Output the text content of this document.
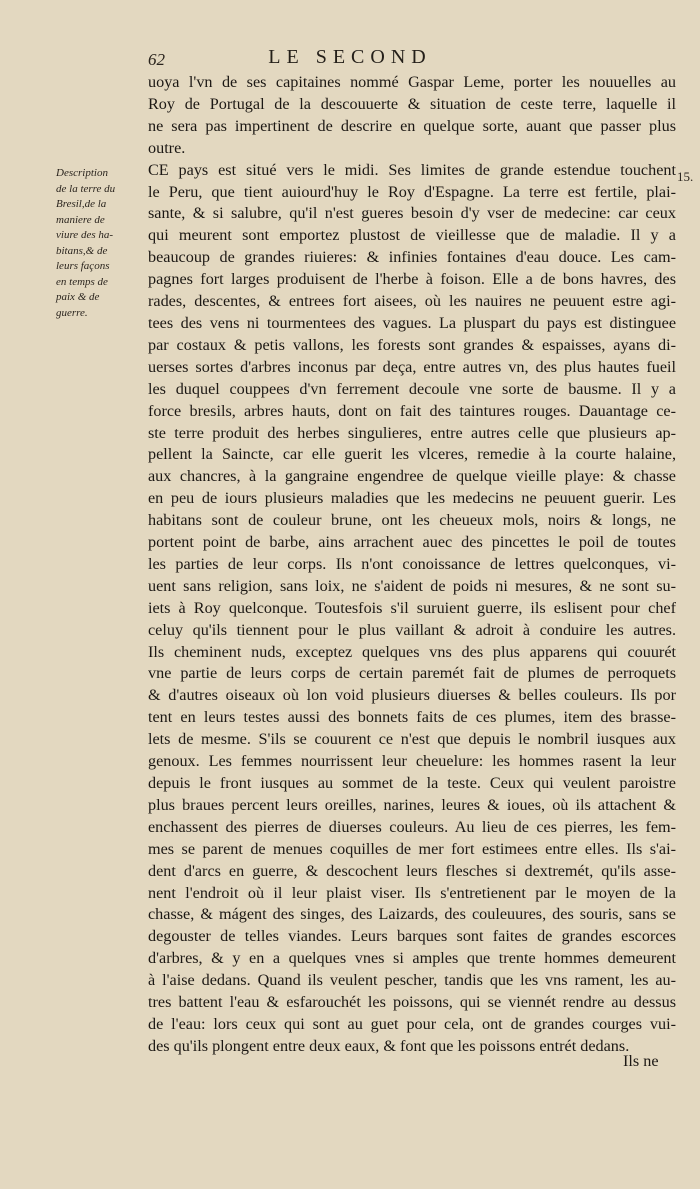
62	LE SECOND
Description
de la terre du
Bresil,de la
maniere de
viure des ha-
bitans,& de
leurs façons
en temps de
paix & de
guerre.
15.
uoya l'vn de ses capitaines nommé Gaspar Leme, porter les nouuelles au
Roy de Portugal de la descouuerte & situation de ceste terre, laquelle il
ne sera pas impertinent de descrire en quelque sorte, auant que passer plus
outre.
CE pays est situé vers le midi. Ses limites de grande estendue touchent
le Peru, que tient auiourd'huy le Roy d'Espagne. La terre est fertile, plai-
sante, & si salubre, qu'il n'est gueres besoin d'y vser de medecine: car ceux
qui meurent sont emportez plustost de vieillesse que de maladie. Il y a
beaucoup de grandes riuieres: & infinies fontaines d'eau douce. Les cam-
pagnes fort larges produisent de l'herbe à foison. Elle a de bons havres, des
rades, descentes, & entrees fort aisees, où les nauires ne peuuent estre agi-
tees des vens ni tourmentees des vagues. La pluspart du pays est distinguee
par costaux & petis vallons, les forests sont grandes & espaisses, ayans di-
uerses sortes d'arbres inconus par deça, entre autres vn, des plus hautes fueil
les duquel couppees d'vn ferrement decoule vne sorte de bausme. Il y a
force bresils, arbres hauts, dont on fait des taintures rouges. Dauantage ce-
ste terre produit des herbes singulieres, entre autres celle que plusieurs ap-
pellent la Saincte, car elle guerit les vlceres, remedie à la courte halaine,
aux chancres, à la gangraine engendree de quelque vieille playe: & chasse
en peu de iours plusieurs maladies que les medecins ne peuuent guerir. Les
habitans sont de couleur brune, ont les cheueux mols, noirs & longs, ne
portent point de barbe, ains arrachent auec des pincettes le poil de toutes
les parties de leur corps. Ils n'ont conoissance de lettres quelconques, vi-
uent sans religion, sans loix, ne s'aident de poids ni mesures, & ne sont su-
iets à Roy quelconque. Toutesfois s'il suruient guerre, ils eslisent pour chef
celuy qu'ils tiennent pour le plus vaillant & adroit à conduire les autres.
Ils cheminent nuds, exceptez quelques vns des plus apparens qui couurét
vne partie de leurs corps de certain paremét fait de plumes de perroquets
& d'autres oiseaux où lon void plusieurs diuerses & belles couleurs. Ils por
tent en leurs testes aussi des bonnets faits de ces plumes, item des brasse-
lets de mesme. S'ils se couurent ce n'est que depuis le nombril iusques aux
genoux. Les femmes nourrissent leur cheuelure: les hommes rasent la leur
depuis le front iusques au sommet de la teste. Ceux qui veulent paroistre
plus braues percent leurs oreilles, narines, leures & ioues, où ils attachent &
enchassent des pierres de diuerses couleurs. Au lieu de ces pierres, les fem-
mes se parent de menues coquilles de mer fort estimees entre elles. Ils s'ai-
dent d'arcs en guerre, & descochent leurs flesches si dextremét, qu'ils asse-
nent l'endroit où il leur plaist viser. Ils s'entretienent par le moyen de la
chasse, & mágent des singes, des Laizards, des couleuures, des souris, sans se
degouster de telles viandes. Leurs barques sont faites de grandes escorces
d'arbres, & y en a quelques vnes si amples que trente hommes demeurent
à l'aise dedans. Quand ils veulent pescher, tandis que les vns rament, les au-
tres battent l'eau & esfarouchét les poissons, qui se viennét rendre au dessus
de l'eau: lors ceux qui sont au guet pour cela, ont de grandes courges vui-
des qu'ils plongent entre deux eaux, & font que les poissons entrét dedans.
Ils ne
